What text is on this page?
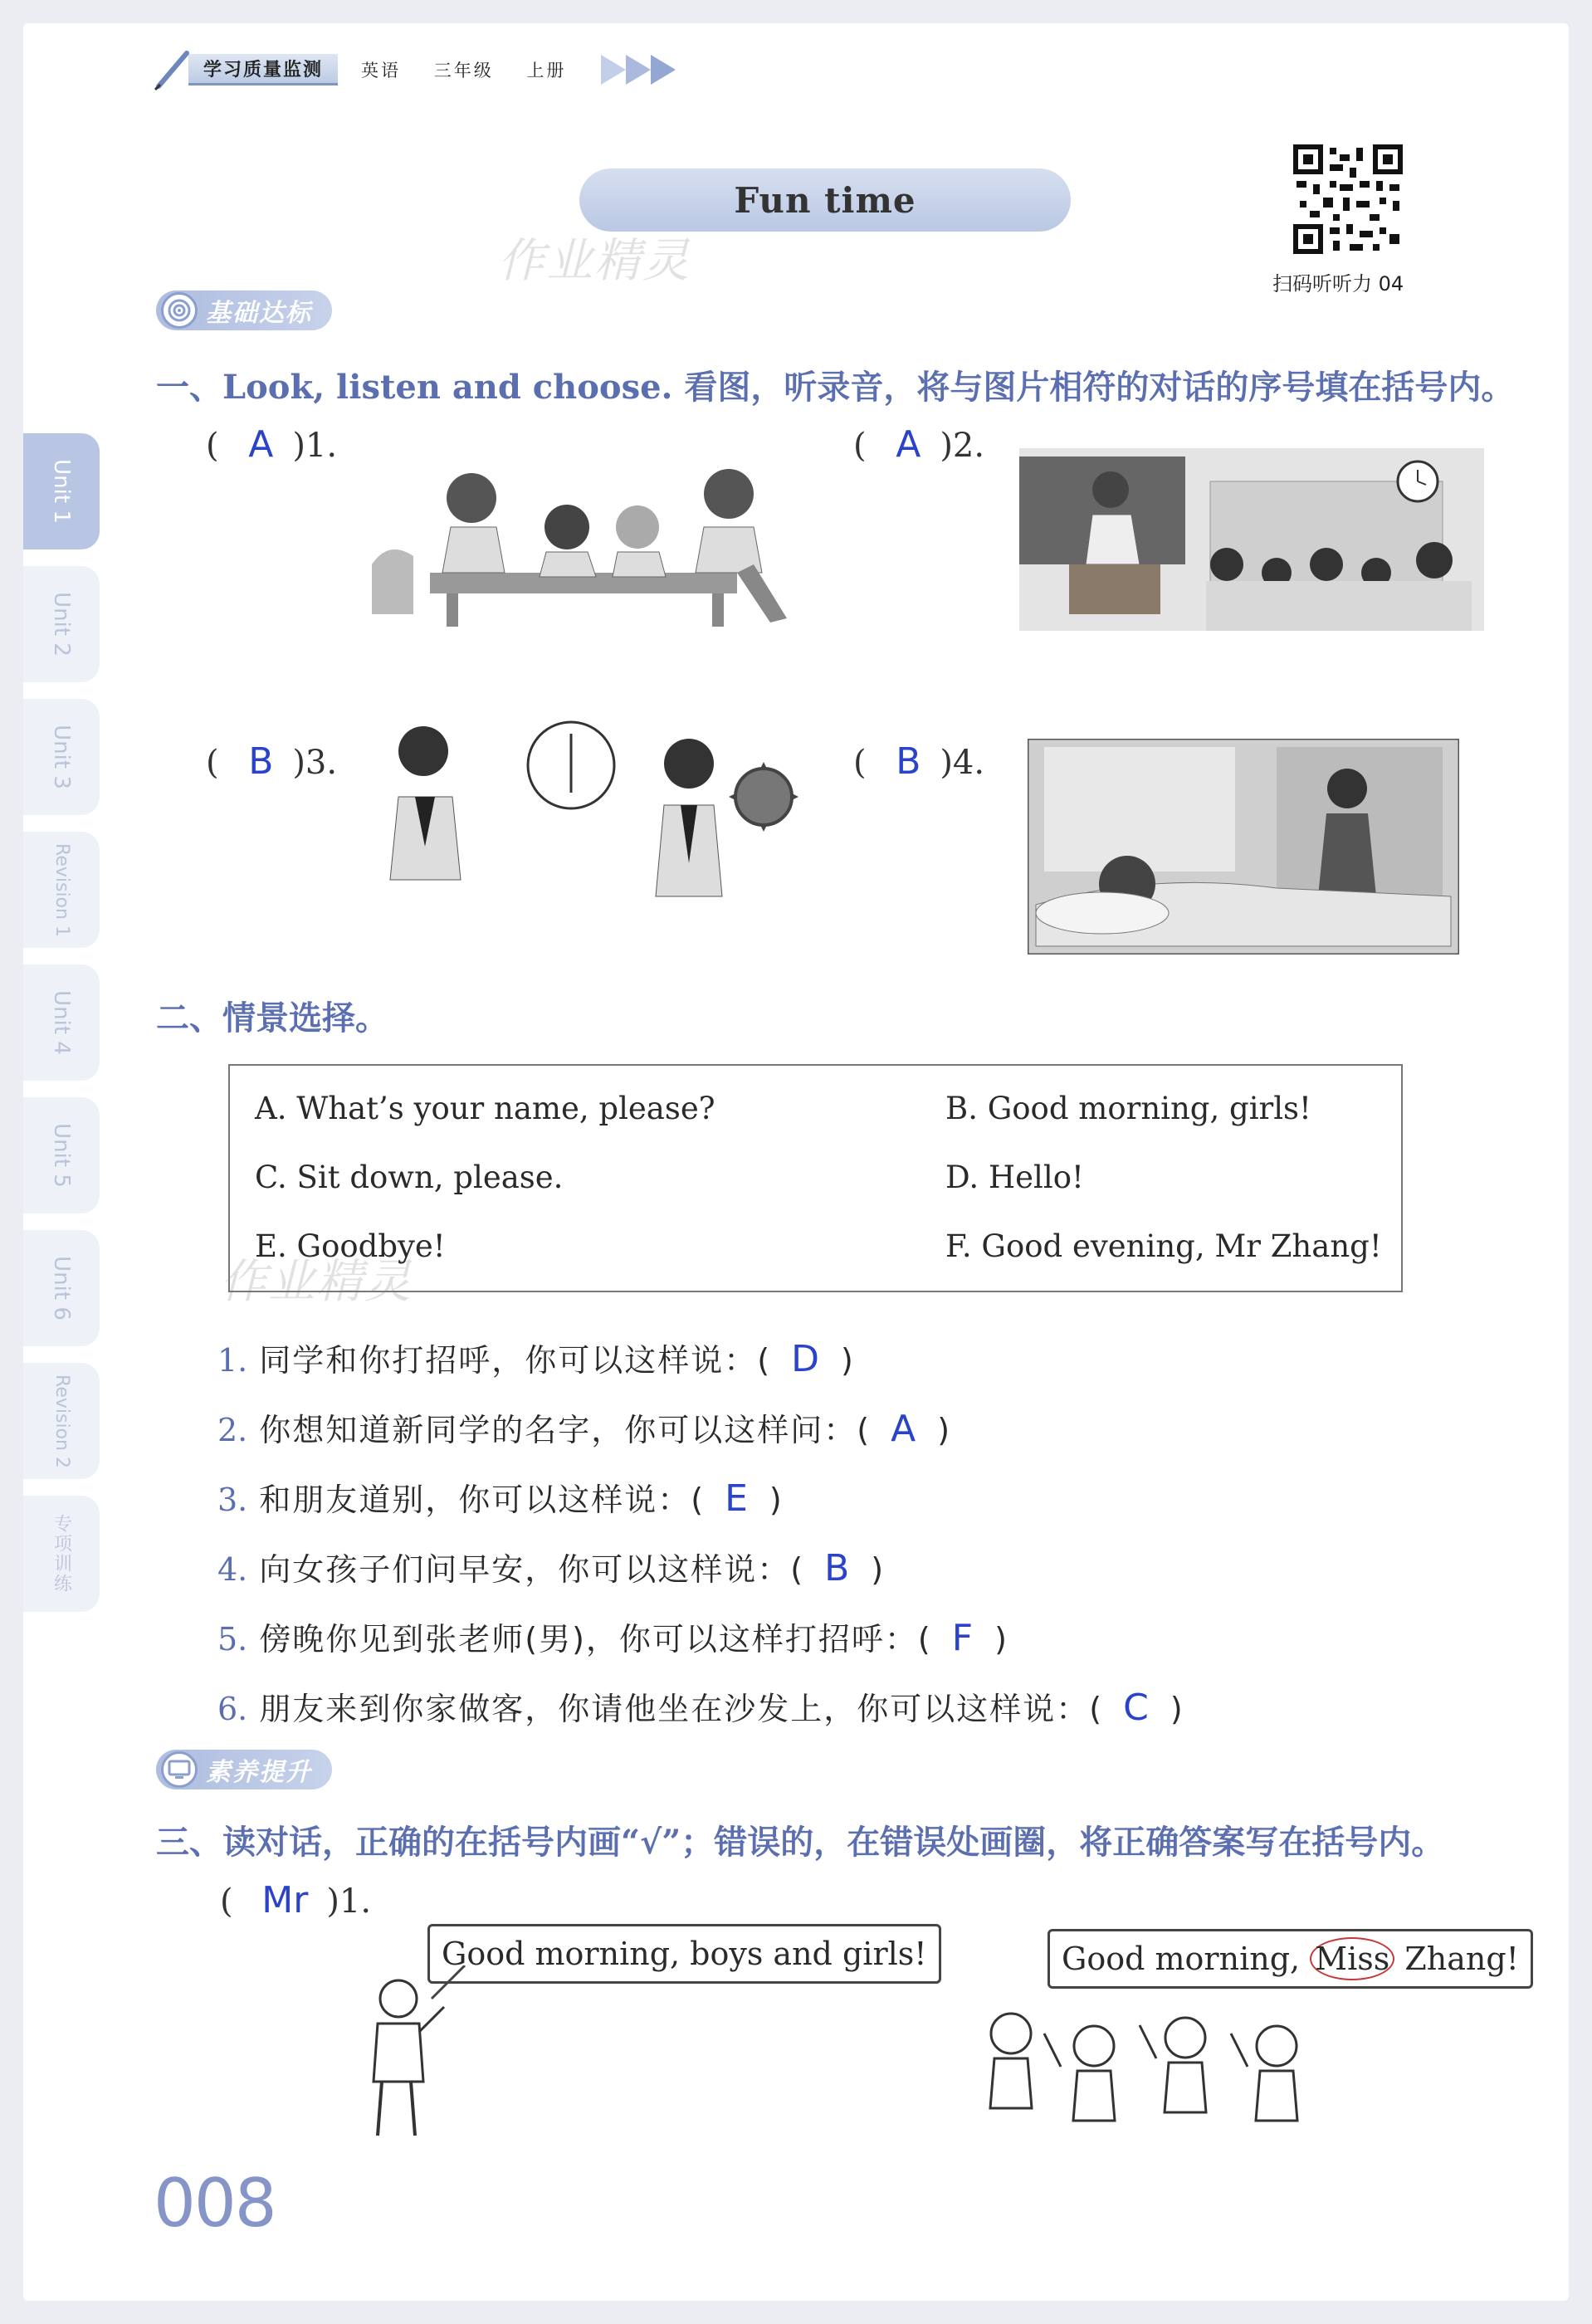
学习质量监测	英语 三年级 上册
Fun time
扫码听听力 04
作业精灵
作业精灵
Unit 1
Unit 2
Unit 3
Revision 1
Unit 4
Unit 5
Unit 6
Revision 2
专项训练
基础达标
一、Look, listen and choose. 看图，听录音，将与图片相符的对话的序号填在括号内。
( A )1.	( A )2.
( B )3.	( B )4.
二、情景选择。
A. What’s your name, please?	B. Good morning, girls!
C. Sit down, please.	D. Hello!
E. Goodbye!	F. Good evening, Mr Zhang!
1. 同学和你打招呼，你可以这样说：( D )
2. 你想知道新同学的名字，你可以这样问：( A )
3. 和朋友道别，你可以这样说：( E )
4. 向女孩子们问早安，你可以这样说：( B )
5. 傍晚你见到张老师(男)，你可以这样打招呼：( F )
6. 朋友来到你家做客，你请他坐在沙发上，你可以这样说：( C )
素养提升
三、读对话，正确的在括号内画“√”；错误的，在错误处画圈，将正确答案写在括号内。
( Mr )1.
Good morning, boys and girls!	Good morning, Miss Zhang!
008
